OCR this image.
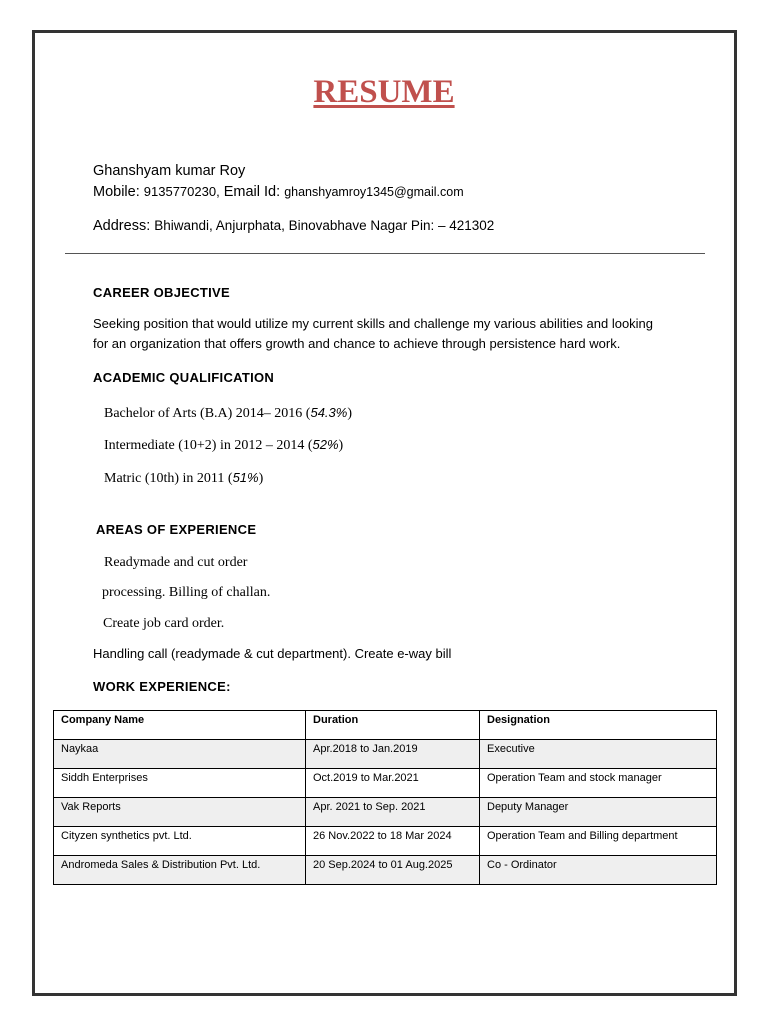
RESUME
Ghanshyam kumar Roy
Mobile: 9135770230, Email Id: ghanshyamroy1345@gmail.com
Address: Bhiwandi, Anjurphata, Binovabhave Nagar Pin: – 421302
CAREER OBJECTIVE
Seeking position that would utilize my current skills and challenge my various abilities and looking
for an organization that offers growth and chance to achieve through persistence hard work.
ACADEMIC QUALIFICATION
Bachelor of Arts (B.A) 2014– 2016 (54.3%)
Intermediate (10+2) in 2012 – 2014 (52%)
Matric (10th) in 2011 (51%)
AREAS OF EXPERIENCE
Readymade and cut order
processing. Billing of challan.
Create job card order.
Handling call (readymade & cut department). Create e-way bill
WORK EXPERIENCE:
Company Name	Duration	Designation
Naykaa	Apr.2018 to Jan.2019	Executive
Siddh Enterprises	Oct.2019 to Mar.2021	Operation Team and stock manager
Vak Reports	Apr. 2021 to Sep. 2021	Deputy Manager
Cityzen synthetics pvt. Ltd.	26 Nov.2022 to 18 Mar 2024	Operation Team and Billing department
Andromeda Sales & Distribution Pvt. Ltd.	20 Sep.2024 to 01 Aug.2025	Co - Ordinator
